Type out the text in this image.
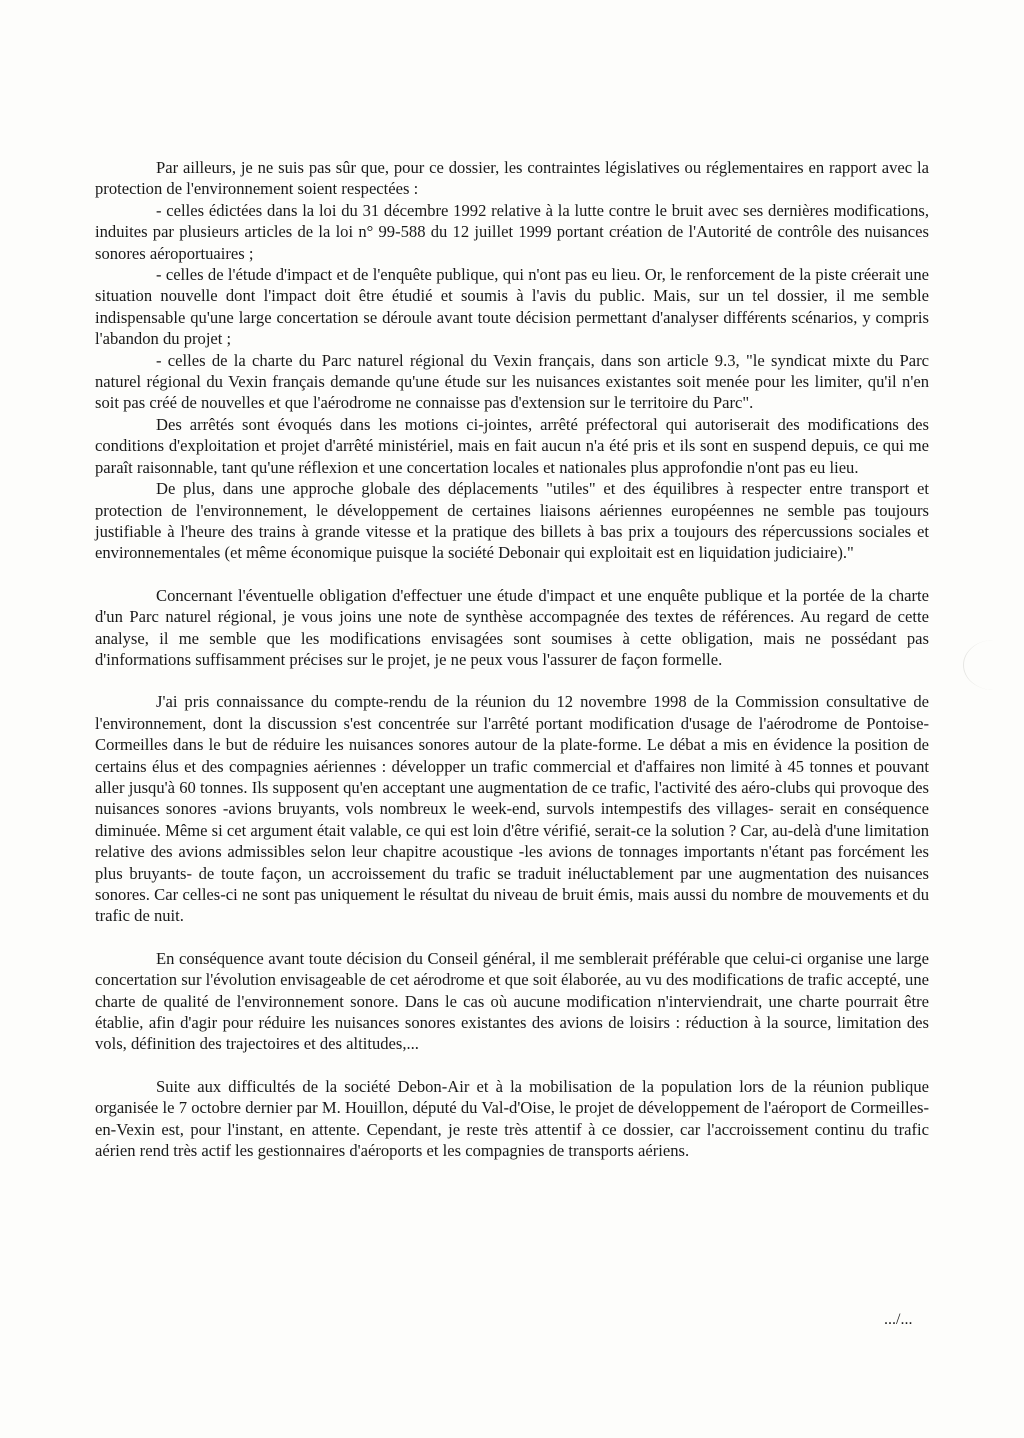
Par ailleurs, je ne suis pas sûr que, pour ce dossier, les contraintes législatives ou réglementaires en rapport avec la protection de l'environnement soient respectées :

- celles édictées dans la loi du 31 décembre 1992 relative à la lutte contre le bruit avec ses dernières modifications, induites par plusieurs articles de la loi n° 99-588 du 12 juillet 1999 portant création de l'Autorité de contrôle des nuisances sonores aéroportuaires ;

- celles de l'étude d'impact et de l'enquête publique, qui n'ont pas eu lieu. Or, le renforcement de la piste créerait une situation nouvelle dont l'impact doit être étudié et soumis à l'avis du public. Mais, sur un tel dossier, il me semble indispensable qu'une large concertation se déroule avant toute décision permettant d'analyser différents scénarios, y compris l'abandon du projet ;

- celles de la charte du Parc naturel régional du Vexin français, dans son article 9.3, "le syndicat mixte du Parc naturel régional du Vexin français demande qu'une étude sur les nuisances existantes soit menée pour les limiter, qu'il n'en soit pas créé de nouvelles et que l'aérodrome ne connaisse pas d'extension sur le territoire du Parc".

Des arrêtés sont évoqués dans les motions ci-jointes, arrêté préfectoral qui autoriserait des modifications des conditions d'exploitation et projet d'arrêté ministériel, mais en fait aucun n'a été pris et ils sont en suspend depuis, ce qui me paraît raisonnable, tant qu'une réflexion et une concertation locales et nationales plus approfondie n'ont pas eu lieu.

De plus, dans une approche globale des déplacements "utiles" et des équilibres à respecter entre transport et protection de l'environnement, le développement de certaines liaisons aériennes européennes ne semble pas toujours justifiable à l'heure des trains à grande vitesse et la pratique des billets à bas prix a toujours des répercussions sociales et environnementales (et même économique puisque la société Debonair qui exploitait est en liquidation judiciaire)."

Concernant l'éventuelle obligation d'effectuer une étude d'impact et une enquête publique et la portée de la charte d'un Parc naturel régional, je vous joins une note de synthèse accompagnée des textes de références. Au regard de cette analyse, il me semble que les modifications envisagées sont soumises à cette obligation, mais ne possédant pas d'informations suffisamment précises sur le projet, je ne peux vous l'assurer de façon formelle.

J'ai pris connaissance du compte-rendu de la réunion du 12 novembre 1998 de la Commission consultative de l'environnement, dont la discussion s'est concentrée sur l'arrêté portant modification d'usage de l'aérodrome de Pontoise-Cormeilles dans le but de réduire les nuisances sonores autour de la plate-forme. Le débat a mis en évidence la position de certains élus et des compagnies aériennes : développer un trafic commercial et d'affaires non limité à 45 tonnes et pouvant aller jusqu'à 60 tonnes. Ils supposent qu'en acceptant une augmentation de ce trafic, l'activité des aéro-clubs qui provoque des nuisances sonores -avions bruyants, vols nombreux le week-end, survols intempestifs des villages- serait en conséquence diminuée. Même si cet argument était valable, ce qui est loin d'être vérifié, serait-ce la solution ? Car, au-delà d'une limitation relative des avions admissibles selon leur chapitre acoustique -les avions de tonnages importants n'étant pas forcément les plus bruyants- de toute façon, un accroissement du trafic se traduit inéluctablement par une augmentation des nuisances sonores. Car celles-ci ne sont pas uniquement le résultat du niveau de bruit émis, mais aussi du nombre de mouvements et du trafic de nuit.

En conséquence avant toute décision du Conseil général, il me semblerait préférable que celui-ci organise une large concertation sur l'évolution envisageable de cet aérodrome et que soit élaborée, au vu des modifications de trafic accepté, une charte de qualité de l'environnement sonore. Dans le cas où aucune modification n'interviendrait, une charte pourrait être établie, afin d'agir pour réduire les nuisances sonores existantes des avions de loisirs : réduction à la source, limitation des vols, définition des trajectoires et des altitudes,...

Suite aux difficultés de la société Debon-Air et à la mobilisation de la population lors de la réunion publique organisée le 7 octobre dernier par M. Houillon, député du Val-d'Oise, le projet de développement de l'aéroport de Cormeilles-en-Vexin est, pour l'instant, en attente. Cependant, je reste très attentif à ce dossier, car l'accroissement continu du trafic aérien rend très actif les gestionnaires d'aéroports et les compagnies de transports aériens.

.../...
